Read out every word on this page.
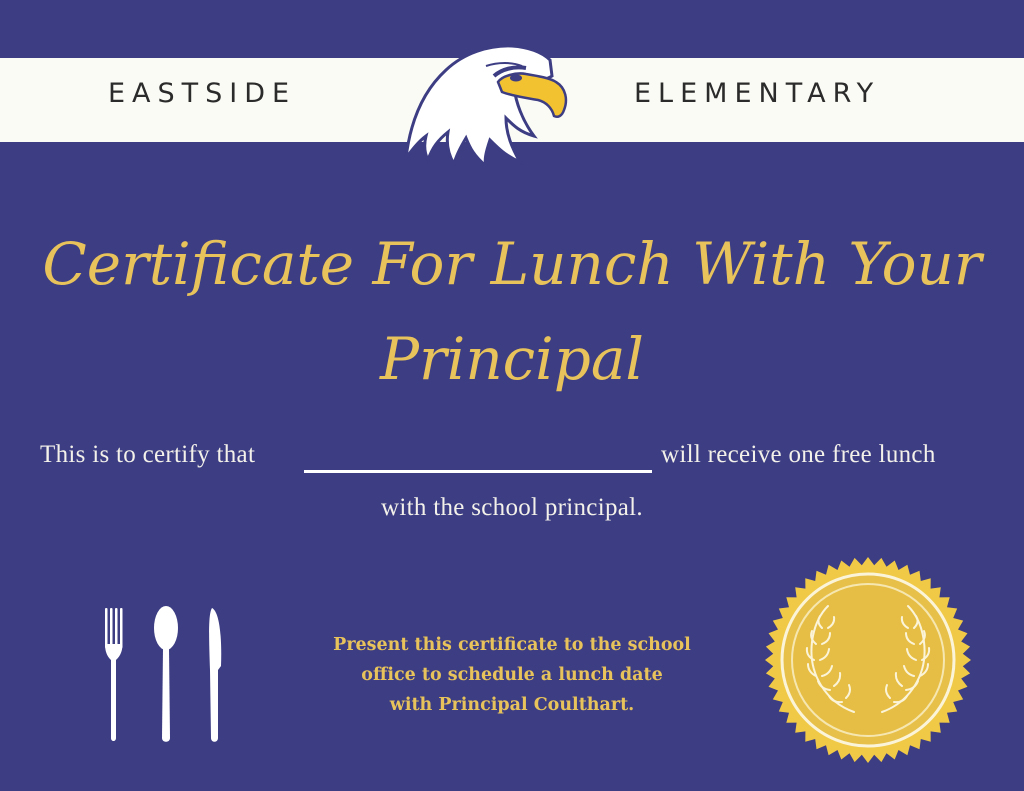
EASTSIDE	ELEMENTARY
Certificate For Lunch With Your
Principal
This is to certify that	will receive one free lunch
with the school principal.
Present this certificate to the school
office to schedule a lunch date
with Principal Coulthart.
